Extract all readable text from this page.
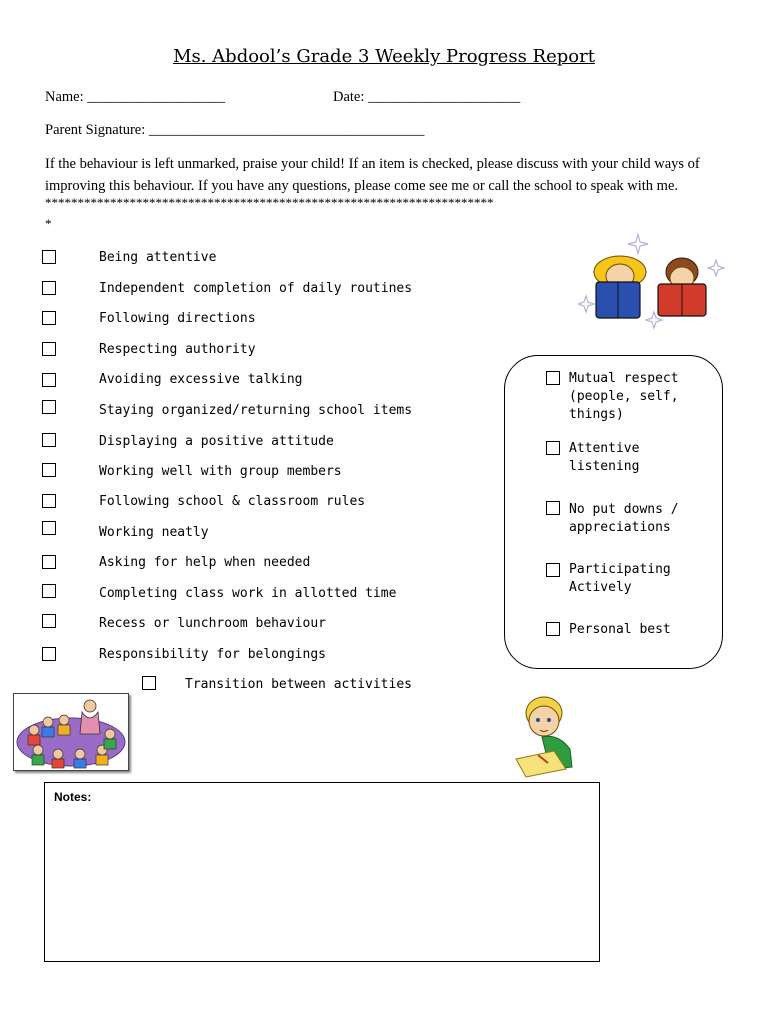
Ms. Abdool’s Grade 3 Weekly Progress Report
Name: ___________________	Date: _____________________
Parent Signature: ______________________________________
If the behaviour is left unmarked, praise your child! If an item is checked, please discuss with your child ways of improving this behaviour. If you have any questions, please come see me or call the school to speak with me.
*********************************************************************
*
Being attentive
Independent completion of daily routines
Following directions
Respecting authority
Avoiding excessive talking
Staying organized/returning school items
Displaying a positive attitude
Working well with group members
Following school & classroom rules
Working neatly
Asking for help when needed
Completing class work in allotted time
Recess or lunchroom behaviour
Responsibility for belongings
Transition between activities
Mutual respect
(people, self,
things)
Attentive
listening
No put downs /
appreciations
Participating
Actively
Personal best
Notes:
